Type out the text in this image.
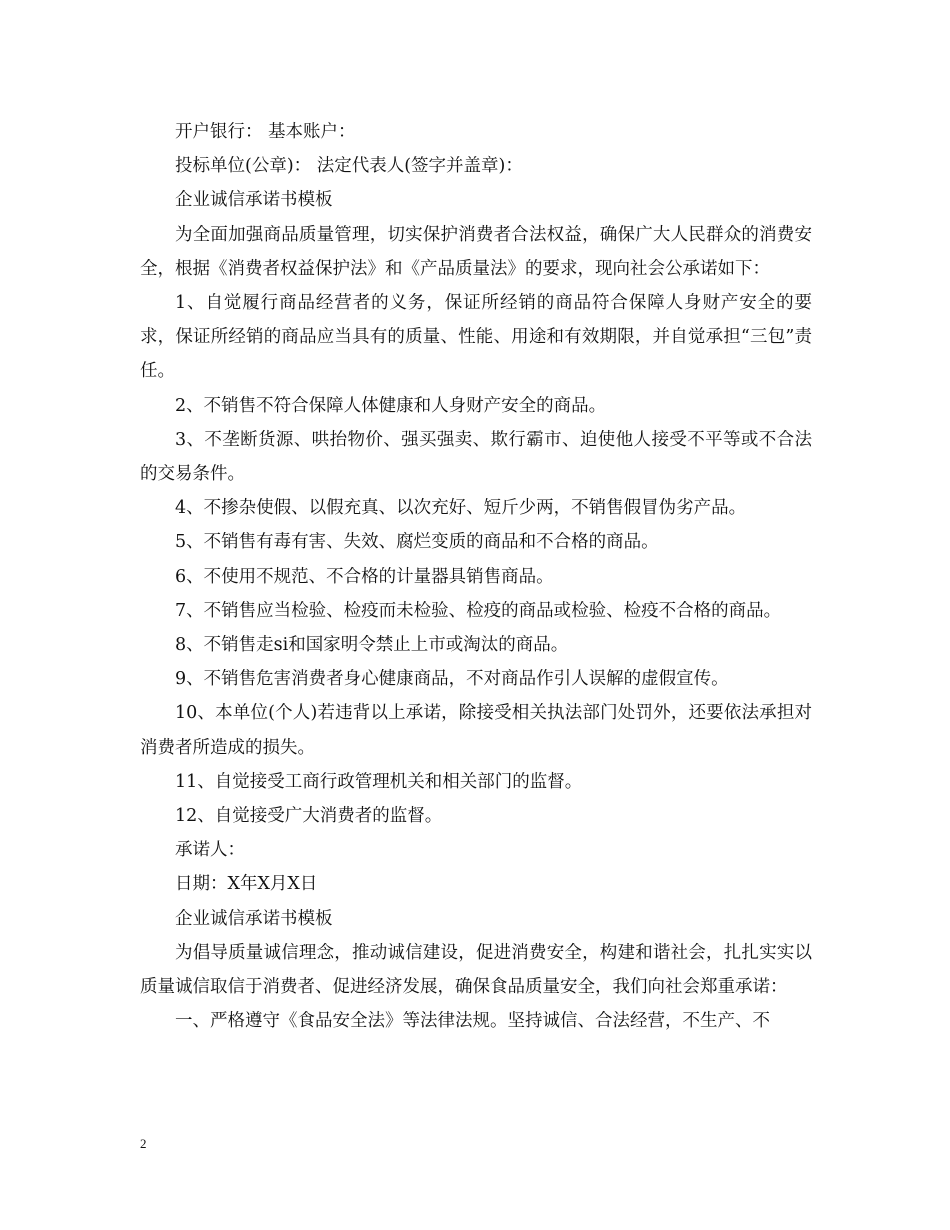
开户银行： 基本账户：

投标单位(公章)： 法定代表人(签字并盖章)：

企业诚信承诺书模板

为全面加强商品质量管理，切实保护消费者合法权益，确保广大人民群众的消费安全，根据《消费者权益保护法》和《产品质量法》的要求，现向社会公承诺如下：

1、自觉履行商品经营者的义务，保证所经销的商品符合保障人身财产安全的要求，保证所经销的商品应当具有的质量、性能、用途和有效期限，并自觉承担“三包”责任。

2、不销售不符合保障人体健康和人身财产安全的商品。

3、不垄断货源、哄抬物价、强买强卖、欺行霸市、迫使他人接受不平等或不合法的交易条件。

4、不掺杂使假、以假充真、以次充好、短斤少两，不销售假冒伪劣产品。

5、不销售有毒有害、失效、腐烂变质的商品和不合格的商品。

6、不使用不规范、不合格的计量器具销售商品。

7、不销售应当检验、检疫而未检验、检疫的商品或检验、检疫不合格的商品。

8、不销售走si和国家明令禁止上市或淘汰的商品。

9、不销售危害消费者身心健康商品，不对商品作引人误解的虚假宣传。

10、本单位(个人)若违背以上承诺，除接受相关执法部门处罚外，还要依法承担对消费者所造成的损失。

11、自觉接受工商行政管理机关和相关部门的监督。

12、自觉接受广大消费者的监督。

承诺人：

日期：X年X月X日

企业诚信承诺书模板

为倡导质量诚信理念，推动诚信建设，促进消费安全，构建和谐社会，扎扎实实以质量诚信取信于消费者、促进经济发展，确保食品质量安全，我们向社会郑重承诺：

一、严格遵守《食品安全法》等法律法规。坚持诚信、合法经营，不生产、不

2
